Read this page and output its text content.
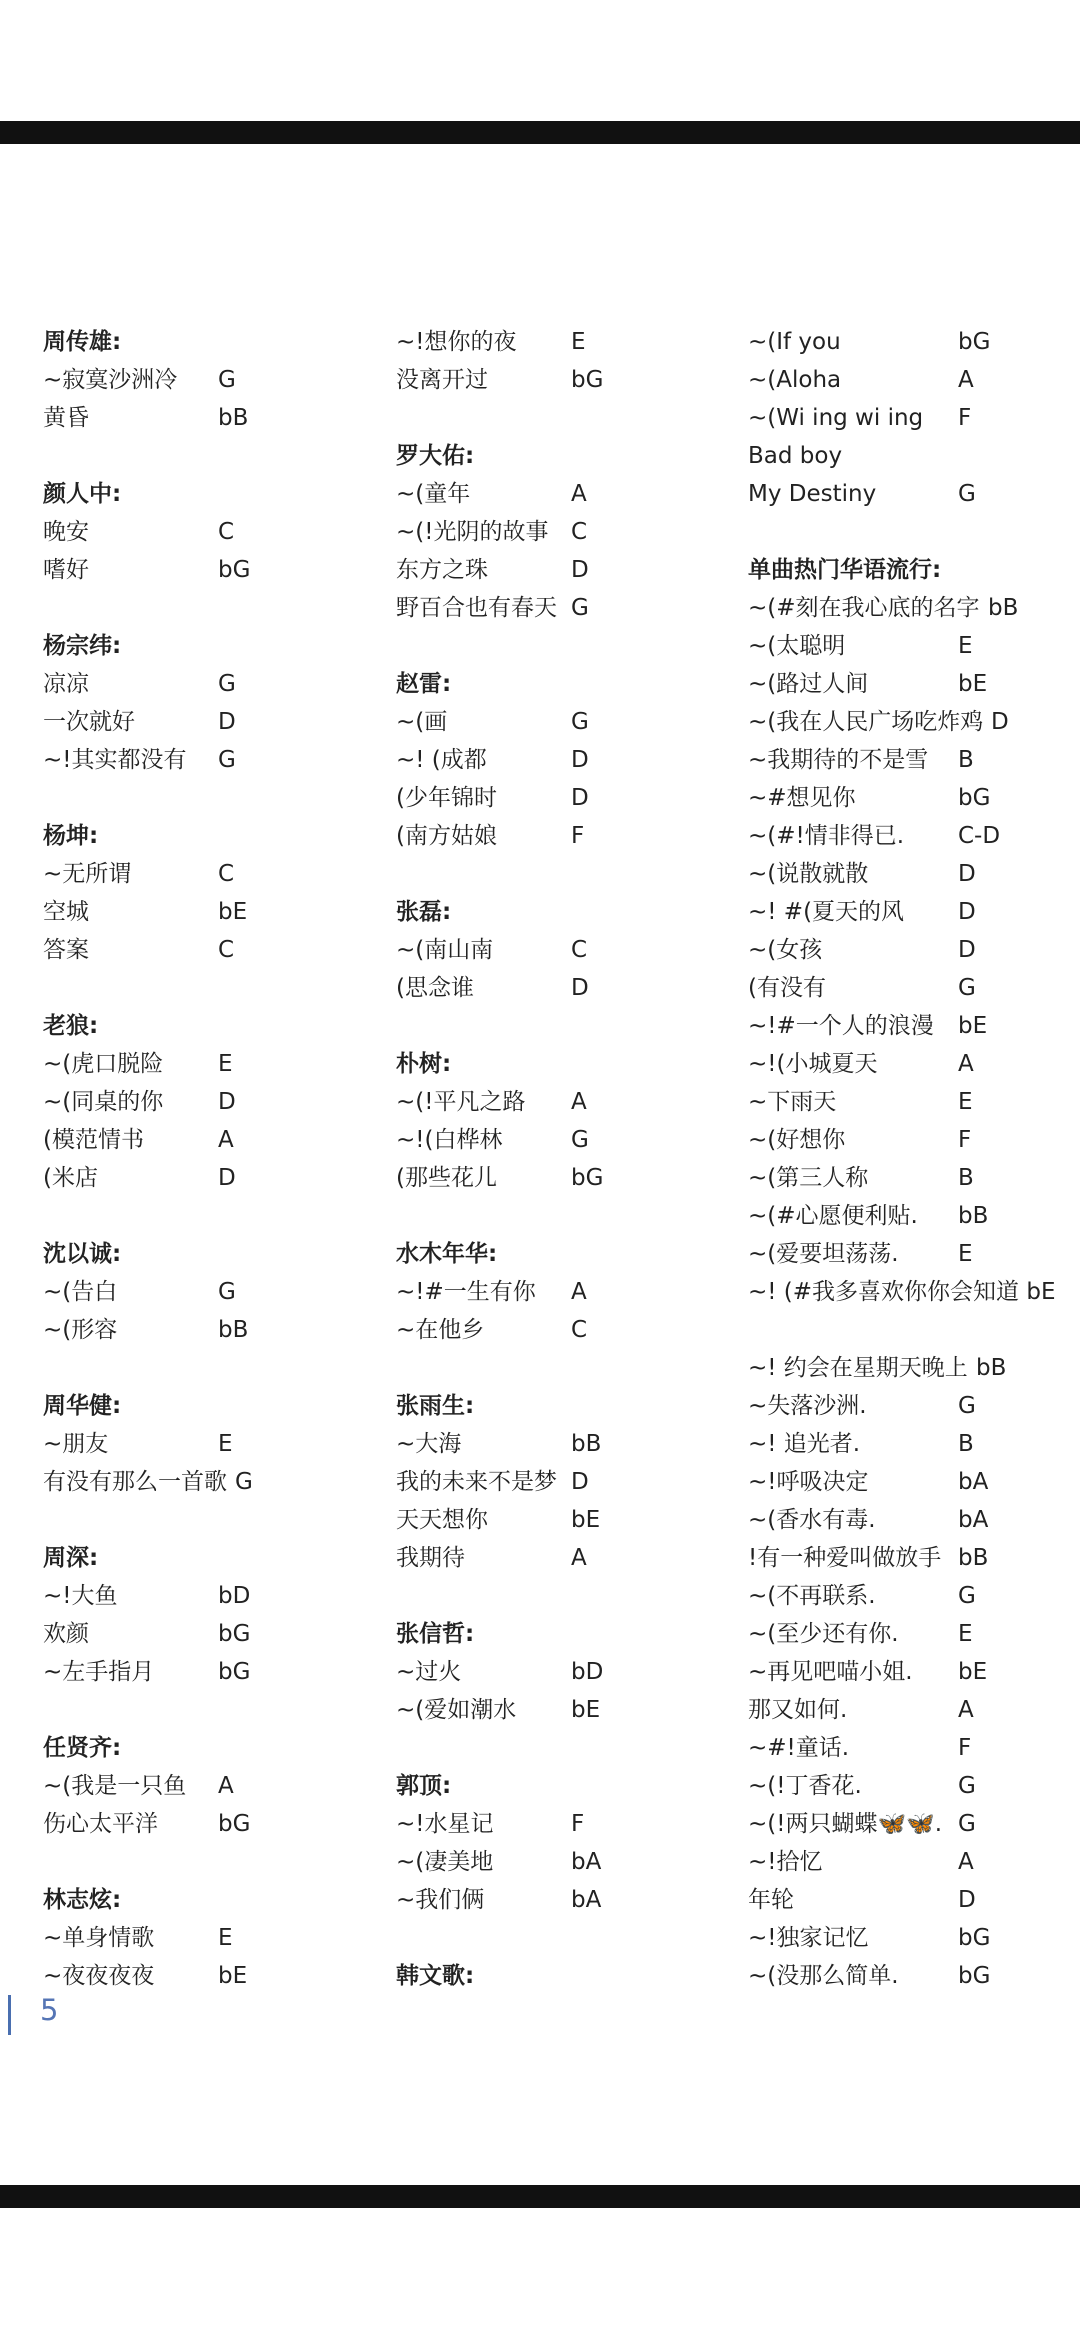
周传雄:
~寂寞沙洲冷 G
黄昏	bB
颜人中:
晚安	C
嗜好	bG
杨宗纬:
凉凉	G
一次就好	D
~!其实都没有 G
杨坤:
~无所谓	C
空城	bE
答案	C
老狼:
~(虎口脱险 E
~(同桌的你 D
(模范情书	A
(米店	D
沈以诚:
~(告白	G
~(形容	bB
周华健:
~朋友	E
有没有那么一首歌 G
周深:
~!大鱼	bD
欢颜	bG
~左手指月	bG
任贤齐:
~(我是一只鱼 A
伤心太平洋	bG
林志炫:
~单身情歌	E
~夜夜夜夜	bE
~!想你的夜 E
没离开过	bG
罗大佑:
~(童年	A
~(!光阴的故事 C
东方之珠	D
野百合也有春天 G
赵雷:
~(画	G
~! (成都	D
(少年锦时	D
(南方姑娘	F
张磊:
~(南山南	C
(思念谁	D
朴树:
~(!平凡之路 A
~!(白桦林	G
(那些花儿	bG
水木年华:
~!#一生有你 A
~在他乡	C
张雨生:
~大海	bB
我的未来不是梦 D
天天想你	bE
我期待	A
张信哲:
~过火	bD
~(爱如潮水 bE
郭顶:
~!水星记	F
~(凄美地	bA
~我们俩	bA
韩文歌:
~(If you	bG
~(Aloha	A
~(Wi ing wi ing F
Bad boy
My Destiny	G
单曲热门华语流行:
~(#刻在我心底的名字 bB
~(太聪明	E
~(路过人间	bE
~(我在人民广场吃炸鸡 D
~我期待的不是雪 B
~#想见你	bG
~(#!情非得已. C-D
~(说散就散	D
~! #(夏天的风 D
~(女孩	D
(有没有	G
~!#一个人的浪漫 bE
~!(小城夏天	A
~下雨天	E
~(好想你	F
~(第三人称	B
~(#心愿便利贴. bB
~(爱要坦荡荡.	E
~! (#我多喜欢你你会知道 bE
~! 约会在星期天晚上 bB
~失落沙洲.	G
~! 追光者.	B
~!呼吸决定	bA
~(香水有毒.	bA
!有一种爱叫做放手 bB
~(不再联系.	G
~(至少还有你.	E
~再见吧喵小姐. bE
那又如何.	A
~#!童话.	F
~(!丁香花.	G
~(!两只蝴蝶🦋🦋. G
~!拾忆	A
年轮	D
~!独家记忆	bG
~(没那么简单.	bG
5
